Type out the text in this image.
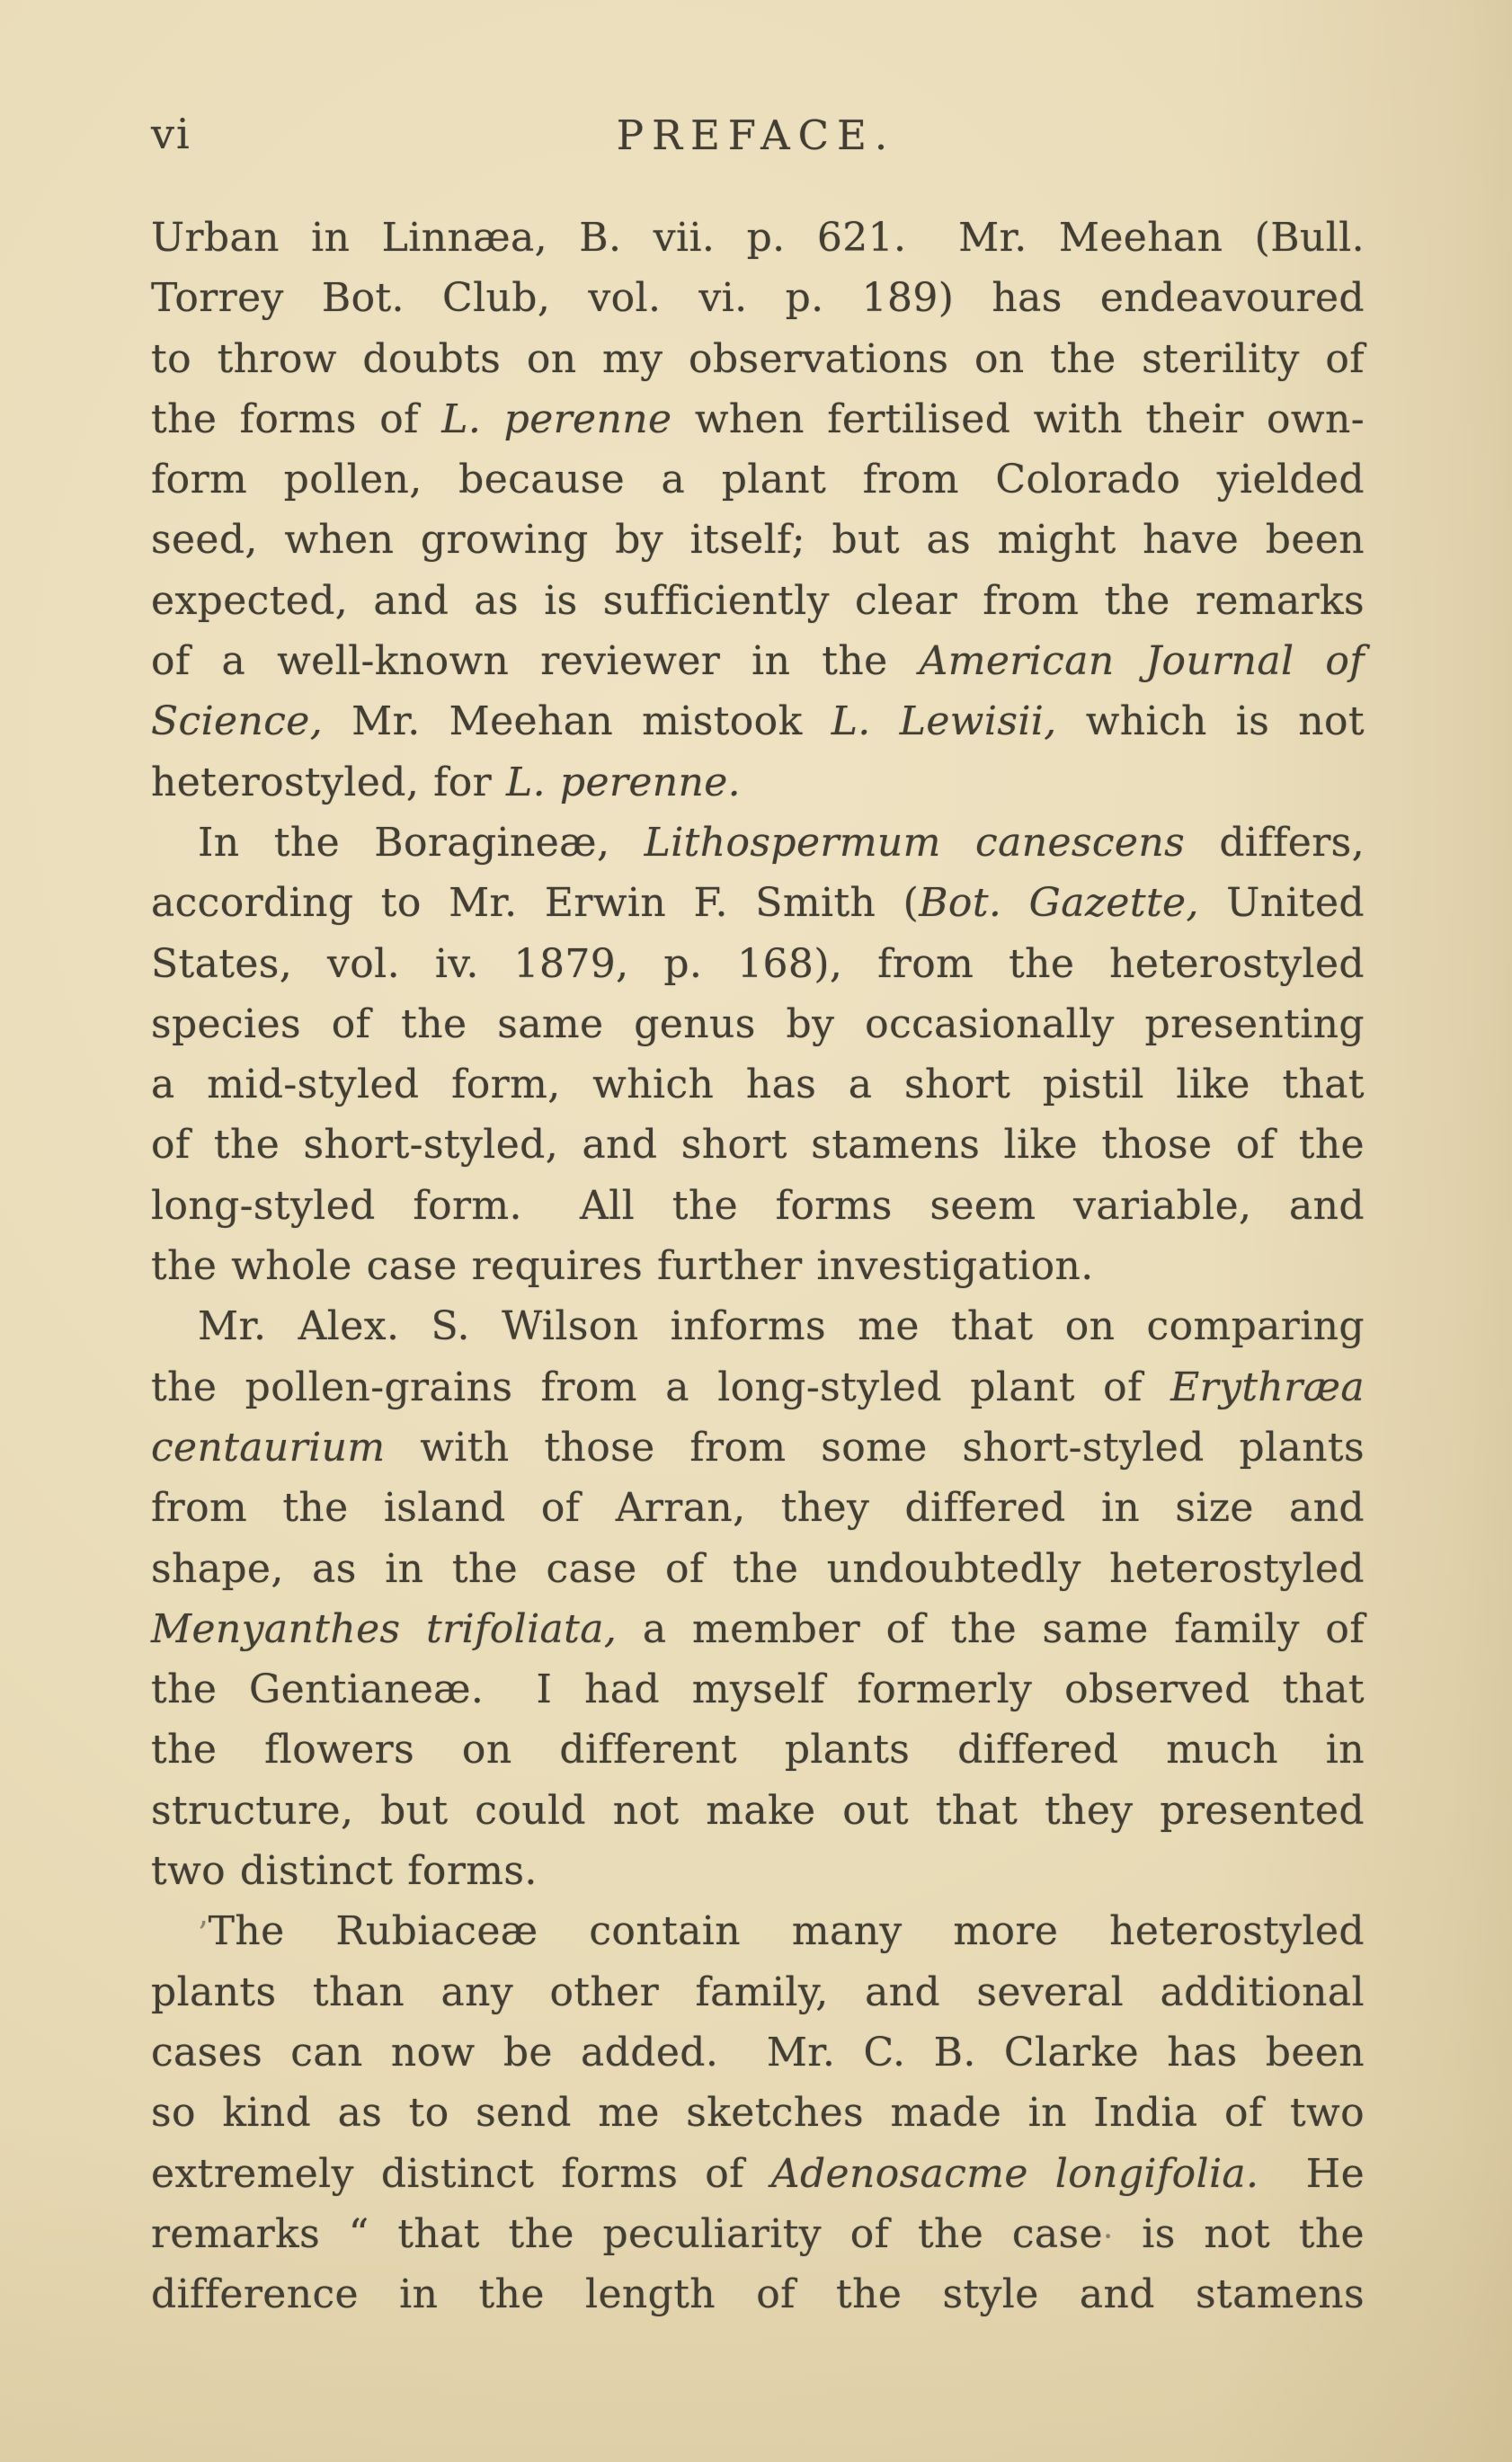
vi	PREFACE.
Urban in Linnæa, B. vii. p. 621.  Mr. Meehan (Bull.
Torrey Bot. Club, vol. vi. p. 189) has endeavoured
to throw doubts on my observations on the sterility of
the forms of L. perenne when fertilised with their own-
form pollen, because a plant from Colorado yielded
seed, when growing by itself; but as might have been
expected, and as is sufficiently clear from the remarks
of a well-known reviewer in the American Journal of
Science, Mr. Meehan mistook L. Lewisii, which is not
heterostyled, for L. perenne.
In the Boragineæ, Lithospermum canescens differs,
according to Mr. Erwin F. Smith (Bot. Gazette, United
States, vol. iv. 1879, p. 168), from the heterostyled
species of the same genus by occasionally presenting
a mid-styled form, which has a short pistil like that
of the short-styled, and short stamens like those of the
long-styled form.  All the forms seem variable, and
the whole case requires further investigation.
Mr. Alex. S. Wilson informs me that on comparing
the pollen-grains from a long-styled plant of Erythræa
centaurium with those from some short-styled plants
from the island of Arran, they differed in size and
shape, as in the case of the undoubtedly heterostyled
Menyanthes trifoliata, a member of the same family of
the Gentianeæ.  I had myself formerly observed that
the flowers on different plants differed much in
structure, but could not make out that they presented
two distinct forms.
’The Rubiaceæ contain many more heterostyled
plants than any other family, and several additional
cases can now be added.  Mr. C. B. Clarke has been
so kind as to send me sketches made in India of two
extremely distinct forms of Adenosacme longifolia.  He
remarks “ that the peculiarity of the case· is not the
difference in the length of the style and stamens
